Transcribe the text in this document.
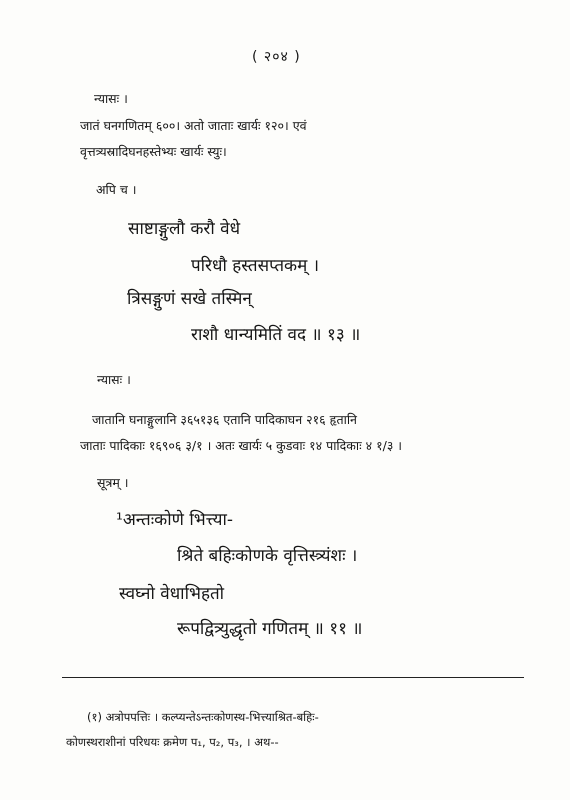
( २०४ )
न्यासः ।
जातं घनगणितम् ६००। अतो जाताः खार्यः १२०। एवं
वृत्तत्र्यस्रादिघनहस्तेभ्यः खार्यः स्युः।
अपि च ।
साष्टाङ्गुलौ करौ वेधे
परिधौ हस्तसप्तकम् ।
त्रिसङ्गुणं सखे तस्मिन्
राशौ धान्यमितिं वद ॥ १३ ॥
न्यासः ।
जातानि घनाङ्गुलानि ३६५१३६ एतानि पादिकाघन २१६ हृतानि
जाताः पादिकाः १६९०६ ३/१ । अतः खार्यः ५ कुडवाः १४ पादिकाः ४ १/३ ।
सूत्रम् ।
¹अन्तःकोणे भित्त्या-
श्रिते बहिःकोणके वृत्तिस्त्र्यंशः ।
स्वघ्नो वेधाभिहतो
रूपद्वित्र्युद्धृतो गणितम् ॥ ११ ॥
(१) अत्रोपपत्तिः । कल्प्यन्तेऽन्तःकोणस्थ-भित्त्याश्रित-बहिः-
कोणस्थराशीनां परिधयः क्रमेण प₁, प₂, प₃, । अथ--
